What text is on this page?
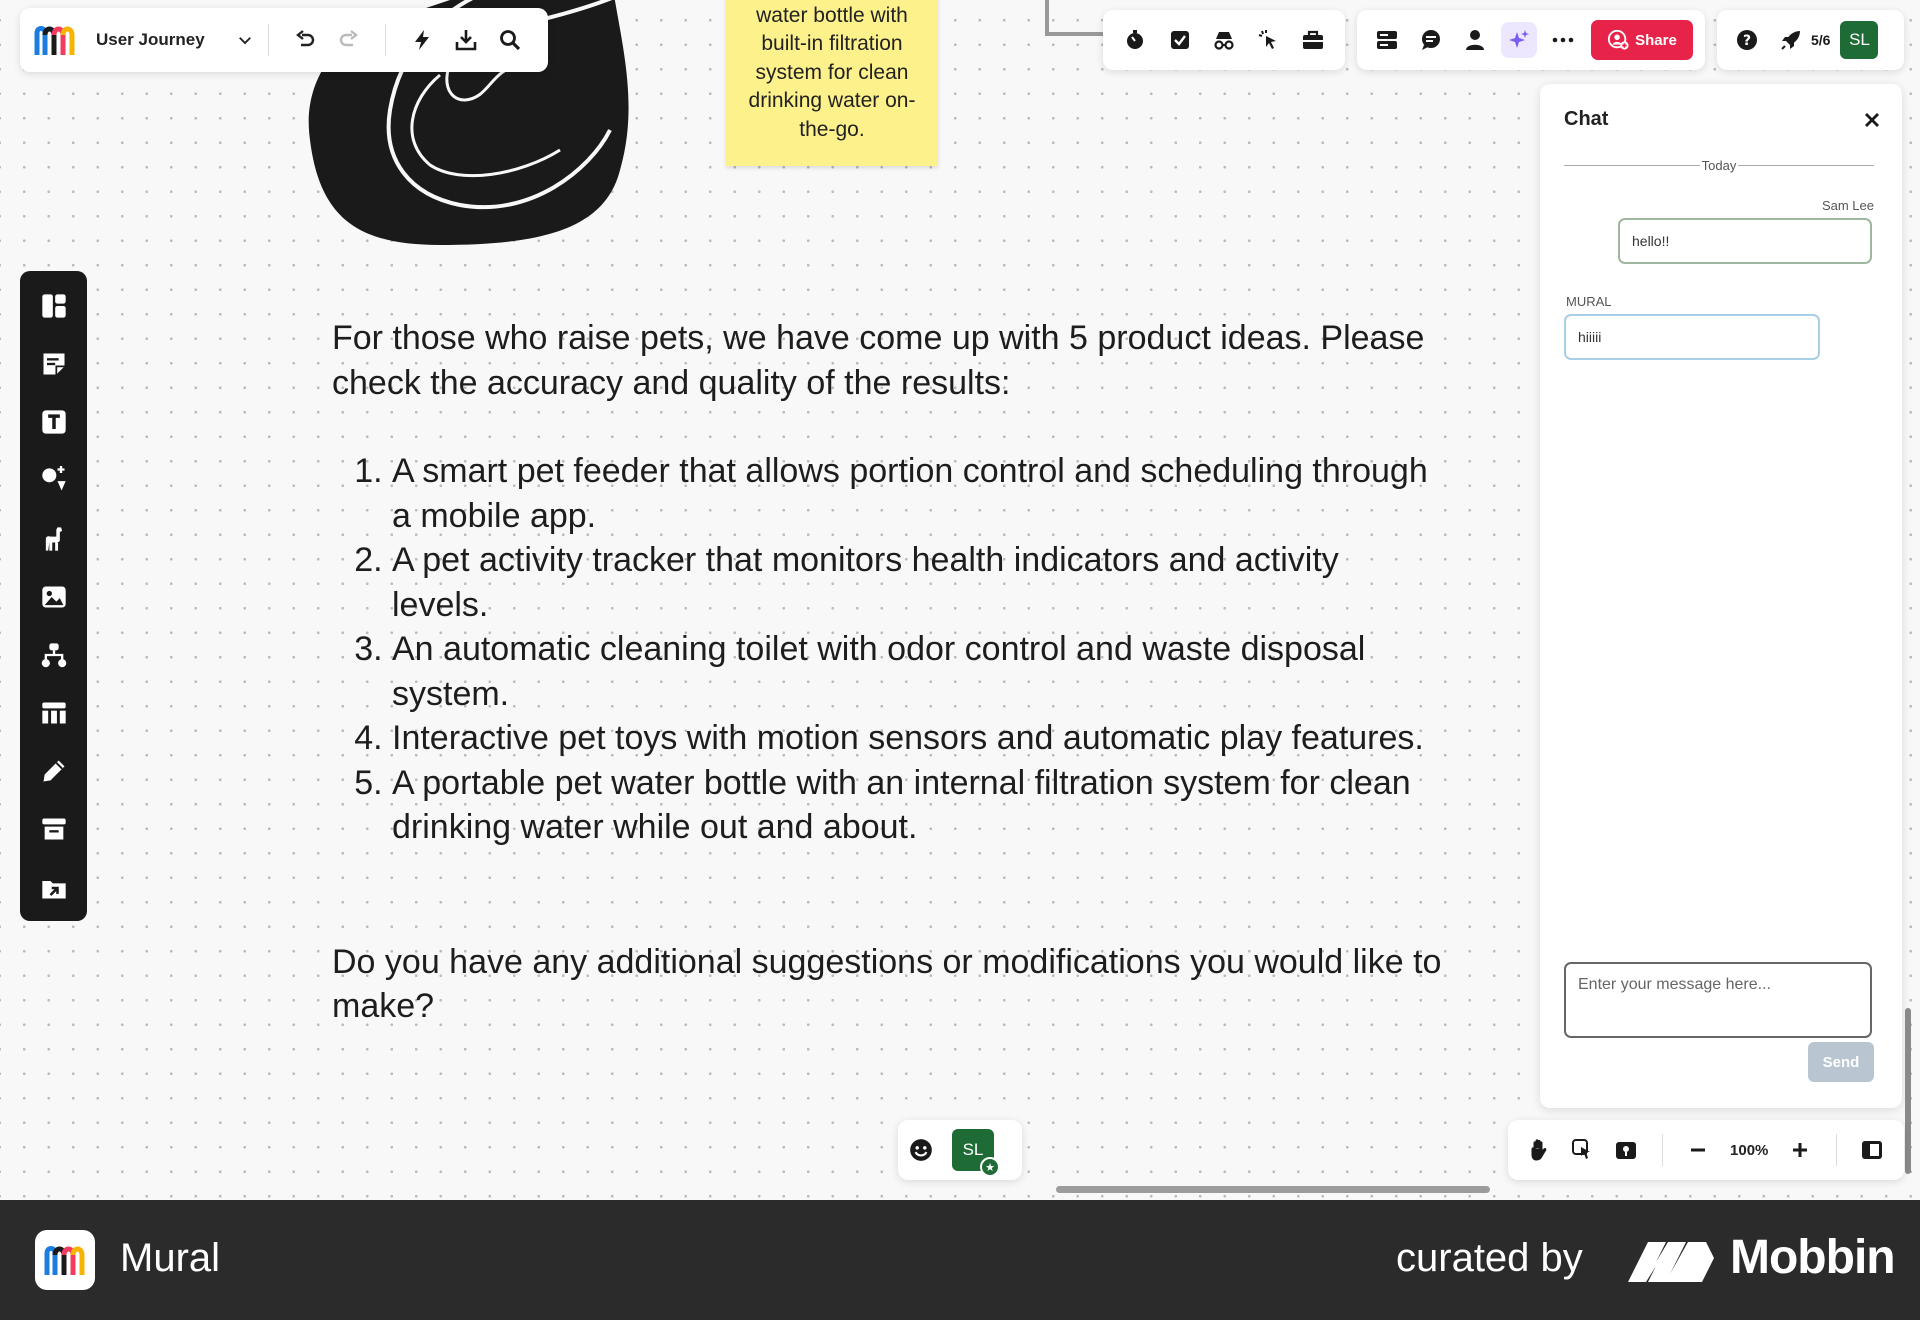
water bottle with built-in filtration system for clean drinking water on-the-go.

For those who raise pets, we have come up with 5 product ideas. Please check the accuracy and quality of the results:

1. A smart pet feeder that allows portion control and scheduling through a mobile app.
2. A pet activity tracker that monitors health indicators and activity levels.
3. An automatic cleaning toilet with odor control and waste disposal system.
4. Interactive pet toys with motion sensors and automatic play features.
5. A portable pet water bottle with an internal filtration system for clean drinking water while out and about.

Do you have any additional suggestions or modifications you would like to make?

User Journey	Share	?	5/6	SL
Chat
Today
Sam Lee
hello!!
MURAL
hiiiii
Enter your message here...
Send
SL
★
100%
Mural	curated by	Mobbin
